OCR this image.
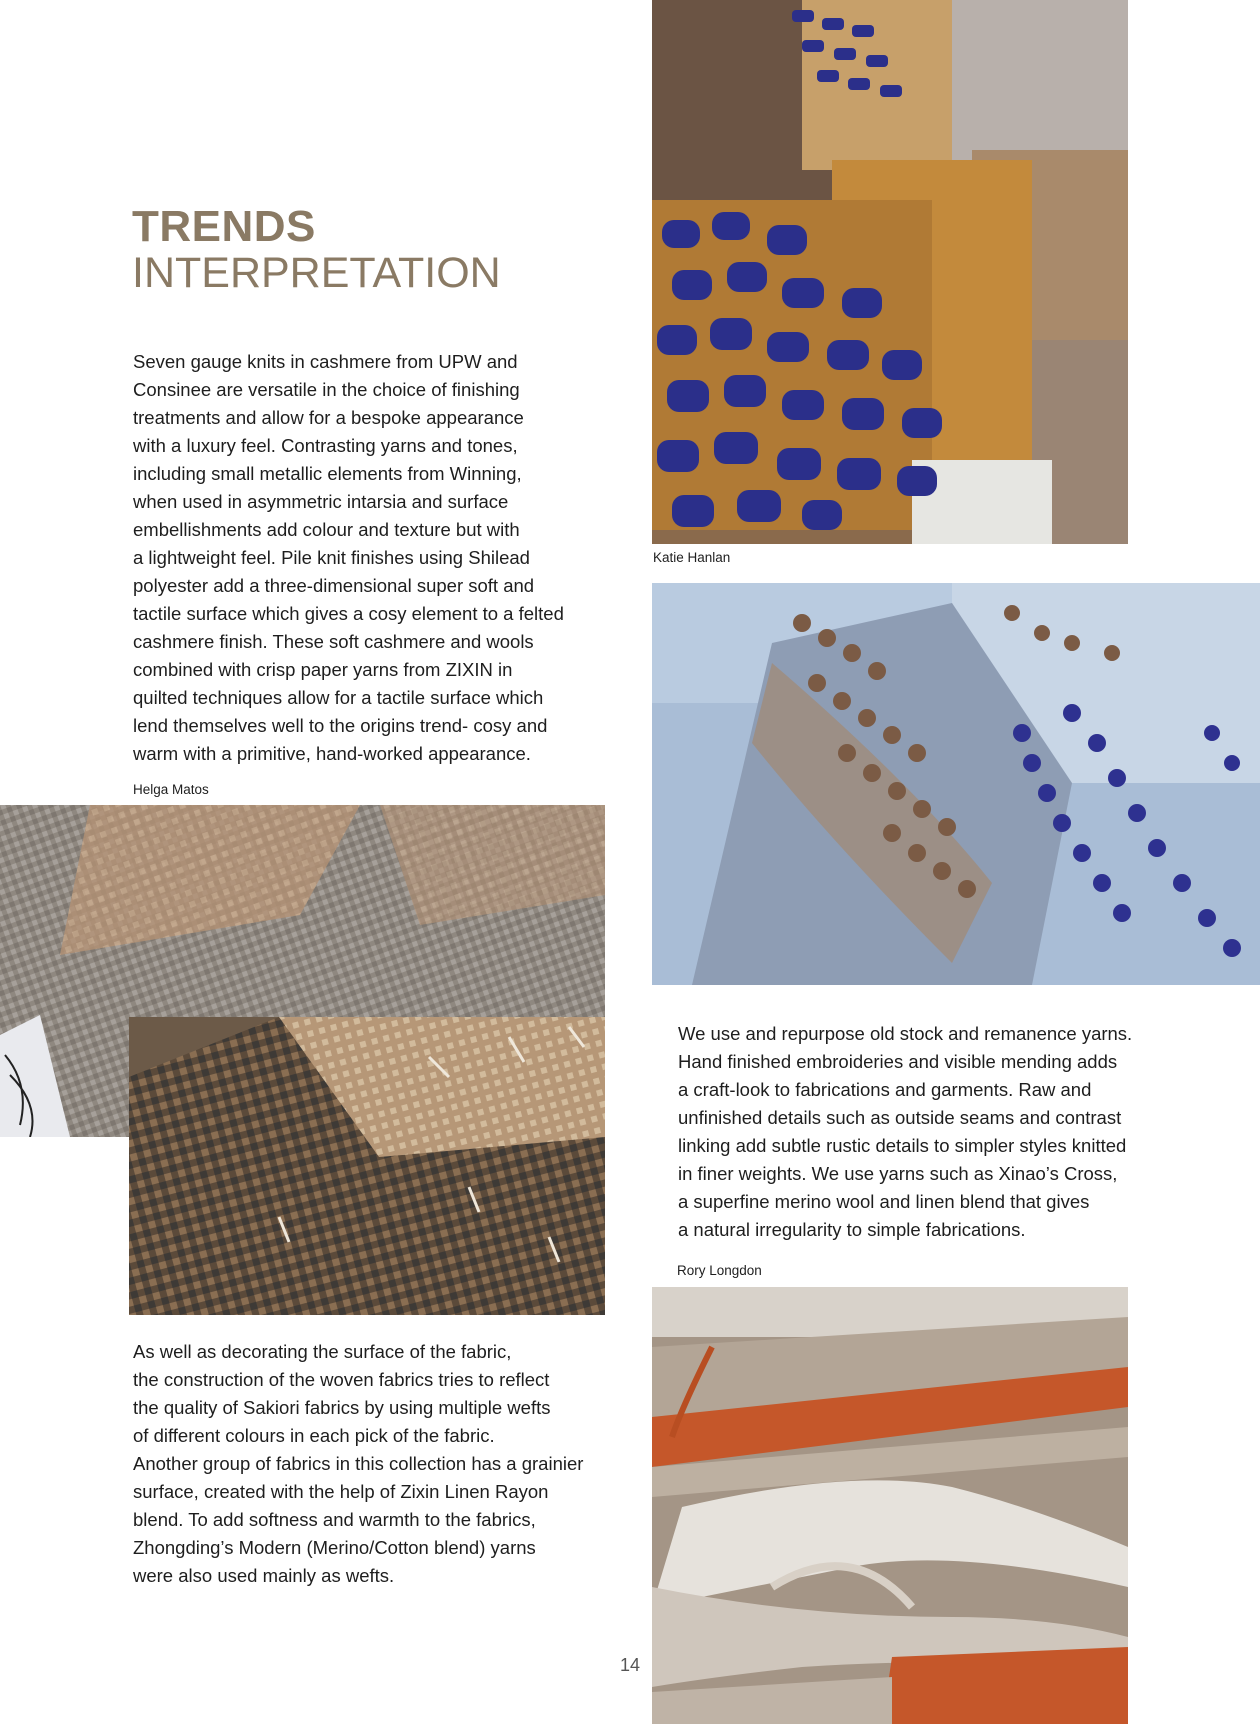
TRENDS
INTERPRETATION

Seven gauge knits in cashmere from UPW and
Consinee are versatile in the choice of finishing
treatments and allow for a bespoke appearance
with a luxury feel. Contrasting yarns and tones,
including small metallic elements from Winning,
when used in asymmetric intarsia and surface
embellishments add colour and texture but with
a lightweight feel. Pile knit finishes using Shilead
polyester add a three-dimensional super soft and
tactile surface which gives a cosy element to a felted
cashmere finish. These soft cashmere and wools
combined with crisp paper yarns from ZIXIN in
quilted techniques allow for a tactile surface which
lend themselves well to the origins trend- cosy and
warm with a primitive, hand-worked appearance.

Katie Hanlan

We use and repurpose old stock and remanence yarns.
Hand finished embroideries and visible mending adds
a craft-look to fabrications and garments. Raw and
unfinished details such as outside seams and contrast
linking add subtle rustic details to simpler styles knitted
in finer weights. We use yarns such as Xinao’s Cross,
a superfine merino wool and linen blend that gives
a natural irregularity to simple fabrications.

Rory Longdon
Helga Matos

As well as decorating the surface of the fabric,
the construction of the woven fabrics tries to reflect
the quality of Sakiori fabrics by using multiple wefts
of different colours in each pick of the fabric.
Another group of fabrics in this collection has a grainier
surface, created with the help of Zixin Linen Rayon
blend. To add softness and warmth to the fabrics,
Zhongding’s Modern (Merino/Cotton blend) yarns
were also used mainly as wefts.

14
